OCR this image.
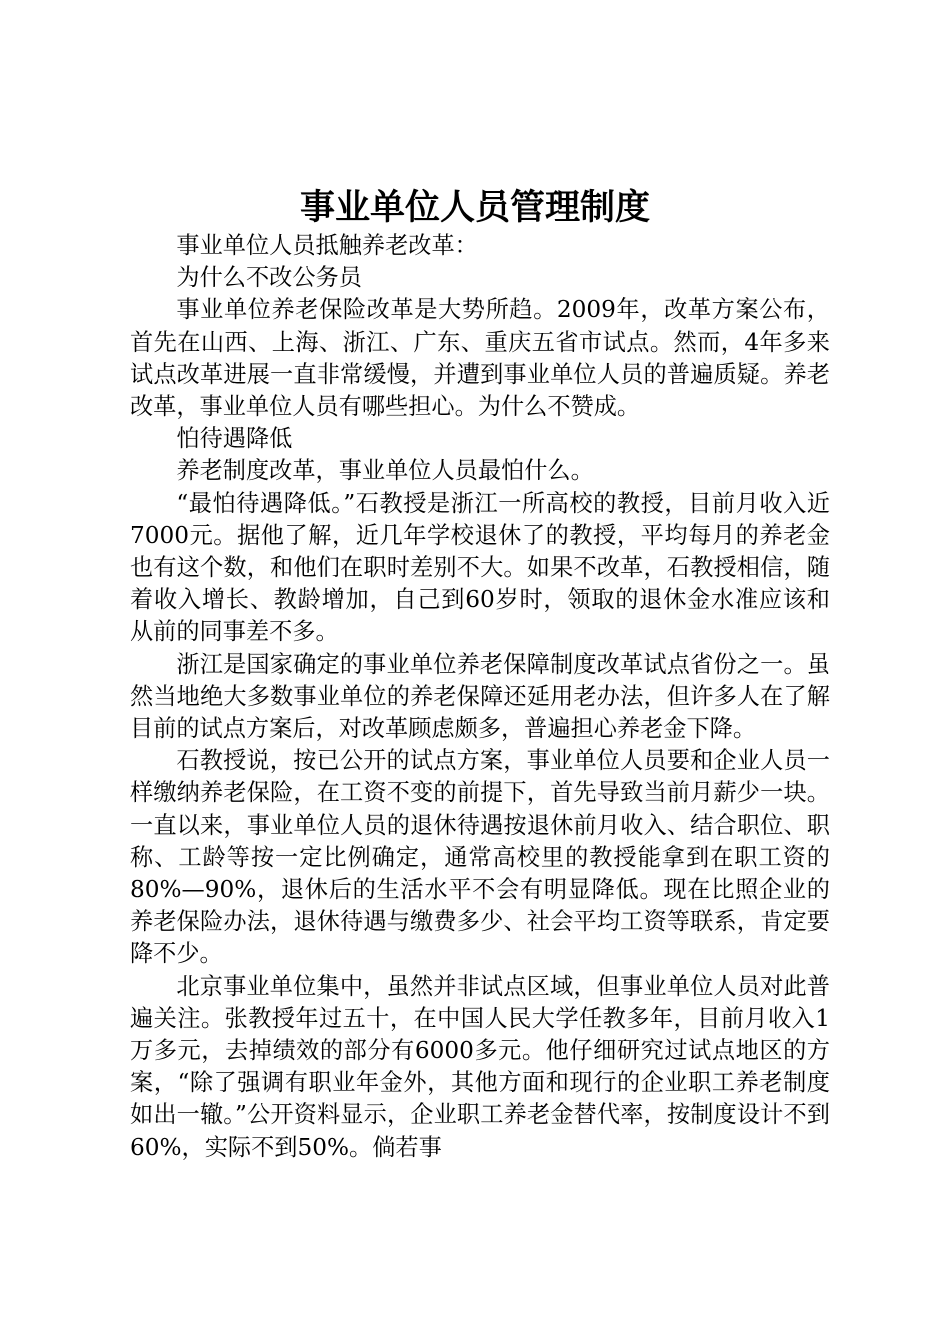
事业单位人员管理制度

事业单位人员抵触养老改革：

为什么不改公务员

事业单位养老保险改革是大势所趋。2009年，改革方案公布，首先在山西、上海、浙江、广东、重庆五省市试点。然而，4年多来试点改革进展一直非常缓慢，并遭到事业单位人员的普遍质疑。养老改革，事业单位人员有哪些担心。为什么不赞成。

怕待遇降低

养老制度改革，事业单位人员最怕什么。

“最怕待遇降低。”石教授是浙江一所高校的教授，目前月收入近7000元。据他了解，近几年学校退休了的教授，平均每月的养老金也有这个数，和他们在职时差别不大。如果不改革，石教授相信，随着收入增长、教龄增加，自己到60岁时，领取的退休金水准应该和从前的同事差不多。

浙江是国家确定的事业单位养老保障制度改革试点省份之一。虽然当地绝大多数事业单位的养老保障还延用老办法，但许多人在了解目前的试点方案后，对改革顾虑颇多，普遍担心养老金下降。

石教授说，按已公开的试点方案，事业单位人员要和企业人员一样缴纳养老保险，在工资不变的前提下，首先导致当前月薪少一块。一直以来，事业单位人员的退休待遇按退休前月收入、结合职位、职称、工龄等按一定比例确定，通常高校里的教授能拿到在职工资的80%—90%，退休后的生活水平不会有明显降低。现在比照企业的养老保险办法，退休待遇与缴费多少、社会平均工资等联系，肯定要降不少。

北京事业单位集中，虽然并非试点区域，但事业单位人员对此普遍关注。张教授年过五十，在中国人民大学任教多年，目前月收入1万多元，去掉绩效的部分有6000多元。他仔细研究过试点地区的方案，“除了强调有职业年金外，其他方面和现行的企业职工养老制度如出一辙。”公开资料显示，企业职工养老金替代率，按制度设计不到60%，实际不到50%。倘若事
